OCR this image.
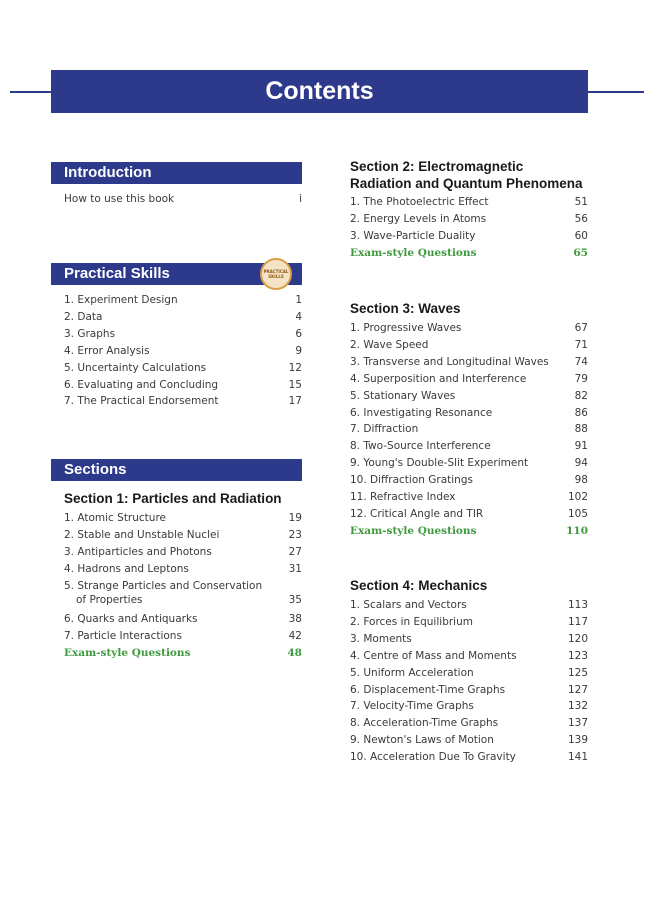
Contents
Introduction
How to use this book	i
Practical Skills	PRACTICAL SKILLS
1. Experiment Design	1
2. Data	4
3. Graphs	6
4. Error Analysis	9
5. Uncertainty Calculations	12
6. Evaluating and Concluding	15
7. The Practical Endorsement	17
Sections
Section 1: Particles and Radiation
1. Atomic Structure	19
2. Stable and Unstable Nuclei	23
3. Antiparticles and Photons	27
4. Hadrons and Leptons	31
5. Strange Particles and Conservation
of Properties	35
6. Quarks and Antiquarks	38
7. Particle Interactions	42
Exam-style Questions	48
Section 2: Electromagnetic
Radiation and Quantum Phenomena
1. The Photoelectric Effect	51
2. Energy Levels in Atoms	56
3. Wave-Particle Duality	60
Exam-style Questions	65
Section 3: Waves
1. Progressive Waves	67
2. Wave Speed	71
3. Transverse and Longitudinal Waves 74
4. Superposition and Interference	79
5. Stationary Waves	82
6. Investigating Resonance	86
7. Diffraction	88
8. Two-Source Interference	91
9. Young's Double-Slit Experiment	94
10. Diffraction Gratings	98
11. Refractive Index	102
12. Critical Angle and TIR	105
Exam-style Questions	110
Section 4: Mechanics
1. Scalars and Vectors	113
2. Forces in Equilibrium	117
3. Moments	120
4. Centre of Mass and Moments	123
5. Uniform Acceleration	125
6. Displacement-Time Graphs	127
7. Velocity-Time Graphs	132
8. Acceleration-Time Graphs	137
9. Newton's Laws of Motion	139
10. Acceleration Due To Gravity	141
